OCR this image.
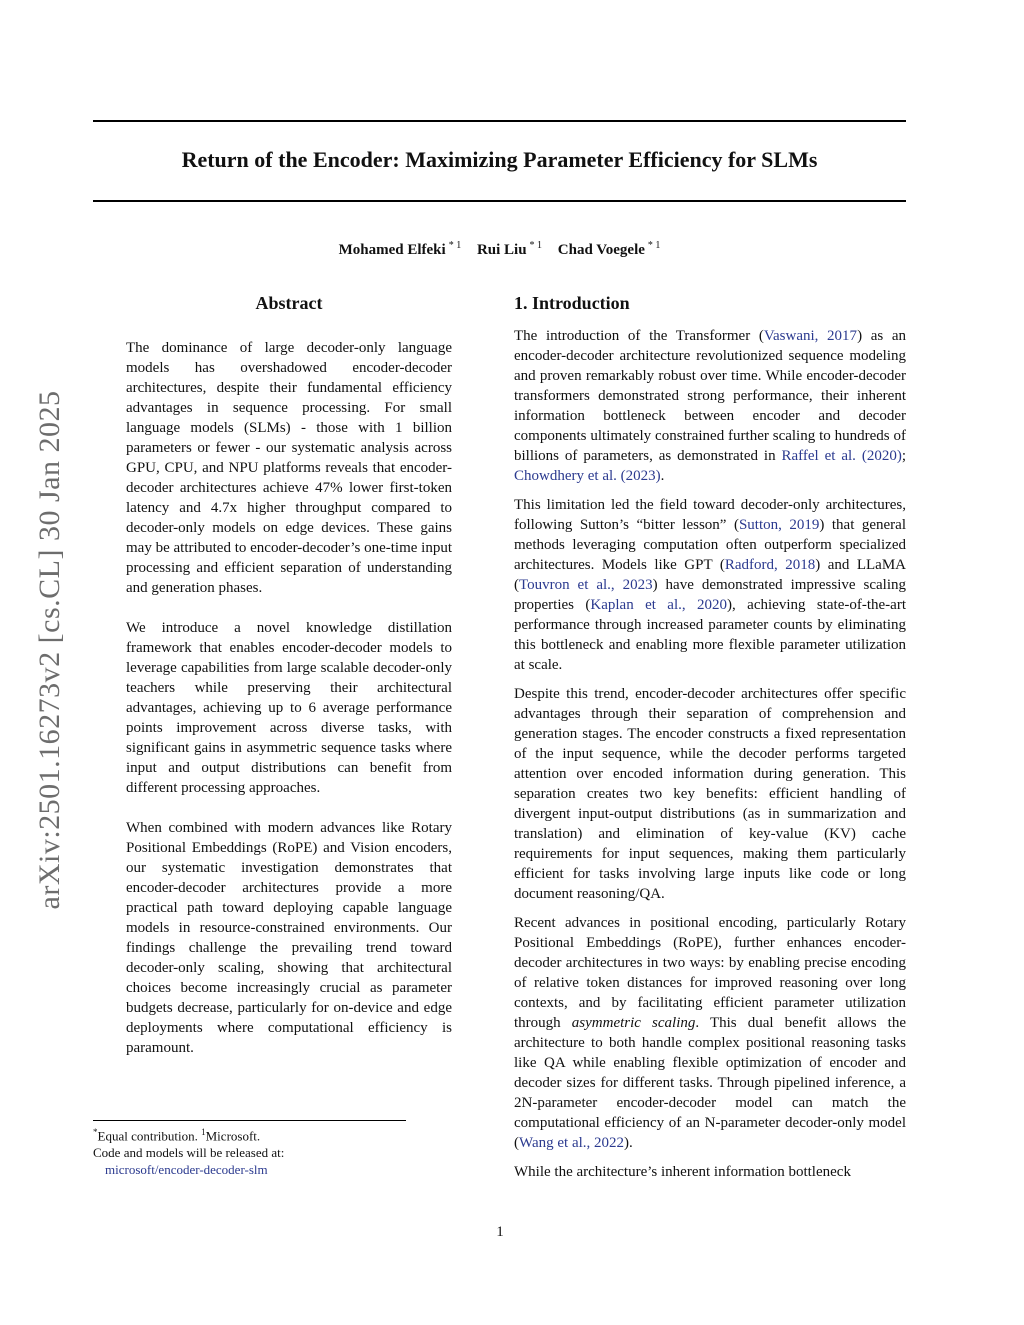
Return of the Encoder: Maximizing Parameter Efficiency for SLMs
Mohamed Elfeki $^{* 1}$ Rui Liu $^{* 1}$ Chad Voegele $^{* 1}$
arXiv:2501.16273v2 [cs.CL] 30 Jan 2025
Abstract

The dominance of large decoder-only language models has overshadowed encoder-decoder architectures, despite their fundamental efficiency advantages in sequence processing. For small language models (SLMs) - those with 1 billion parameters or fewer - our systematic analysis across GPU, CPU, and NPU platforms reveals that encoder-decoder architectures achieve 47% lower first-token latency and 4.7x higher throughput compared to decoder-only models on edge devices. These gains may be attributed to encoder-decoder’s one-time input processing and efficient separation of understanding and generation phases.

We introduce a novel knowledge distillation framework that enables encoder-decoder models to leverage capabilities from large scalable decoder-only teachers while preserving their architectural advantages, achieving up to 6 average performance points improvement across diverse tasks, with significant gains in asymmetric sequence tasks where input and output distributions can benefit from different processing approaches.

When combined with modern advances like Rotary Positional Embeddings (RoPE) and Vision encoders, our systematic investigation demonstrates that encoder-decoder architectures provide a more practical path toward deploying capable language models in resource-constrained environments. Our findings challenge the prevailing trend toward decoder-only scaling, showing that architectural choices become increasingly crucial as parameter budgets decrease, particularly for on-device and edge deployments where computational efficiency is paramount.

1. Introduction

The introduction of the Transformer (Vaswani, 2017) as an encoder-decoder architecture revolutionized sequence modeling and proven remarkably robust over time. While encoder-decoder transformers demonstrated strong performance, their inherent information bottleneck between encoder and decoder components ultimately constrained further scaling to hundreds of billions of parameters, as demonstrated in Raffel et al. (2020); Chowdhery et al. (2023).

This limitation led the field toward decoder-only architectures, following Sutton’s “bitter lesson” (Sutton, 2019) that general methods leveraging computation often outperform specialized architectures. Models like GPT (Radford, 2018) and LLaMA (Touvron et al., 2023) have demonstrated impressive scaling properties (Kaplan et al., 2020), achieving state-of-the-art performance through increased parameter counts by eliminating this bottleneck and enabling more flexible parameter utilization at scale.

Despite this trend, encoder-decoder architectures offer specific advantages through their separation of comprehension and generation stages. The encoder constructs a fixed representation of the input sequence, while the decoder performs targeted attention over encoded information during generation. This separation creates two key benefits: efficient handling of divergent input-output distributions (as in summarization and translation) and elimination of key-value (KV) cache requirements for input sequences, making them particularly efficient for tasks involving large inputs like code or long document reasoning/QA.

Recent advances in positional encoding, particularly Rotary Positional Embeddings (RoPE), further enhances encoder-decoder architectures in two ways: by enabling precise encoding of relative token distances for improved reasoning over long contexts, and by facilitating efficient parameter utilization through asymmetric scaling. This dual benefit allows the architecture to both handle complex positional reasoning tasks like QA while enabling flexible optimization of encoder and decoder sizes for different tasks. Through pipelined inference, a 2N-parameter encoder-decoder model can match the computational efficiency of an N-parameter decoder-only model (Wang et al., 2022).

While the architecture’s inherent information bottleneck

*Equal contribution. $^1$Microsoft.
Code and models will be released at:
microsoft/encoder-decoder-slm
1
